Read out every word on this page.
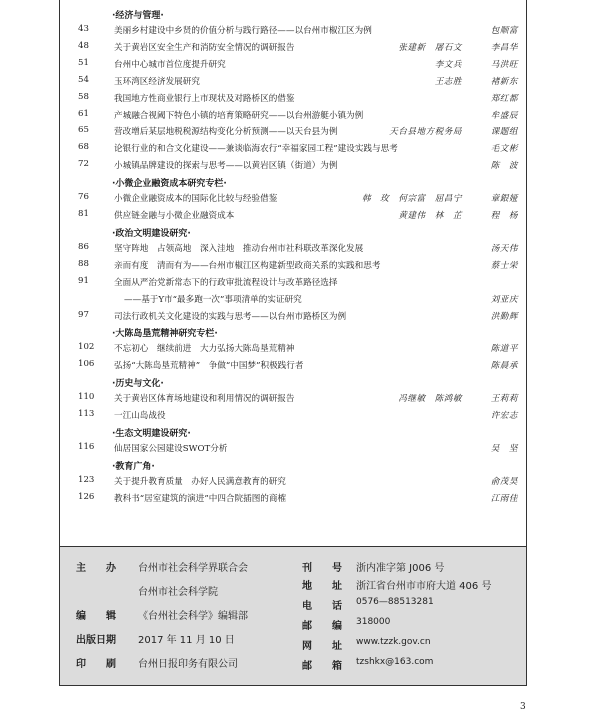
·经济与管理·
43	美丽乡村建设中乡贤的价值分析与践行路径——以台州市椒江区为例	包顺富
48	关于黄岩区安全生产和消防安全情况的调研报告	张建新　屠石文	李昌华
51	台州中心城市首位度提升研究	李文兵	马洪旺
54	玉环湾区经济发展研究	王志胜	褚新东
58	我国地方性商业银行上市现状及对路桥区的借鉴	郑红都
61	产城融合视阈下特色小镇的培育策略研究——以台州游艇小镇为例	牟盛辰
65	营改增后某层地税税源结构变化分析预测——以天台县为例	天台县地方税务局	课题组
68	论银行业的和合文化建设——兼谈临海农行“幸福家园工程”建设实践与思考	毛文彬
72	小城镇品牌建设的探索与思考——以黄岩区镇（街道）为例	陈　波
·小微企业融资成本研究专栏·
76	小微企业融资成本的国际化比较与经验借鉴	韩　玫　何宗富　屈昌宁	章銀娅
81	供应链金融与小微企业融资成本	黄建伟　林　芷	程　杨
·政治文明建设研究·
86	坚守阵地　占领高地　深入洼地　推动台州市社科联改革深化发展	汤天伟
88	亲而有度　清而有为——台州市椒江区构建新型政商关系的实践和思考	蔡士栄
91	全面从严治党新常态下的行政审批流程设计与改革路径选择
——基于Y市“最多跑一次”事项清单的实证研究	刘亚庆
97	司法行政机关文化建设的实践与思考——以台州市路桥区为例	洪勤辉
·大陈岛垦荒精神研究专栏·
102	不忘初心　继续前进　大力弘扬大陈岛垦荒精神	陈道平
106	弘扬“大陈岛垦荒精神”　争做“中国梦”积极践行者	陈晨承
·历史与文化·
110	关于黄岩区体育场地建设和利用情况的调研报告	冯继敏　陈鸿敏	王莉莉
113	一江山岛战役	许宏志
·生态文明建设研究·
116	仙居国家公园建设SWOT分析	吴　坚
·教育广角·
123	关于提升教育质量　办好人民满意教育的研究	俞茂昊
126	教科书“居室建筑的演进”中四合院插图的商榷	江雨佳
主　　办 台州市社会科学界联合会
台州市社会科学院
编　　辑 《台州社会科学》编辑部
出版日期 2017 年 11 月 10 日
印　　刷 台州日报印务有限公司
刊　　号 浙内准字第 J006 号
地　　址 浙江省台州市市府大道 406 号
电　　话 0576—88513281
邮　　编 318000
网　　址 www.tzzk.gov.cn
邮　　箱 tzshkx@163.com
3
